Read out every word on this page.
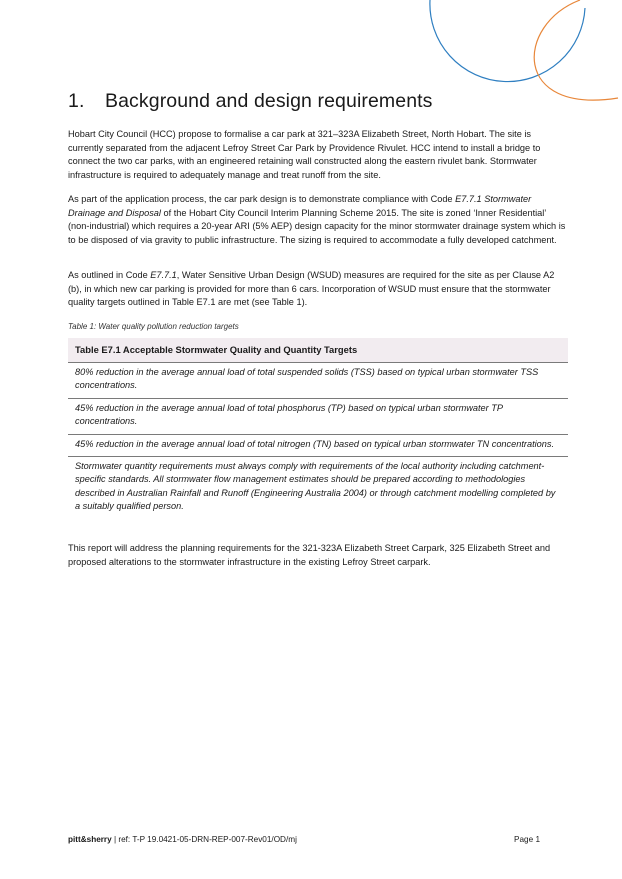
1. Background and design requirements

Hobart City Council (HCC) propose to formalise a car park at 321–323A Elizabeth Street, North Hobart. The site is currently separated from the adjacent Lefroy Street Car Park by Providence Rivulet. HCC intend to install a bridge to connect the two car parks, with an engineered retaining wall constructed along the eastern rivulet bank. Stormwater infrastructure is required to adequately manage and treat runoff from the site.

As part of the application process, the car park design is to demonstrate compliance with Code E7.7.1 Stormwater Drainage and Disposal of the Hobart City Council Interim Planning Scheme 2015. The site is zoned ‘Inner Residential’ (non-industrial) which requires a 20-year ARI (5% AEP) design capacity for the minor stormwater drainage system which is to be disposed of via gravity to public infrastructure. The sizing is required to accommodate a fully developed catchment.

As outlined in Code E7.7.1, Water Sensitive Urban Design (WSUD) measures are required for the site as per Clause A2 (b), in which new car parking is provided for more than 6 cars. Incorporation of WSUD must ensure that the stormwater quality targets outlined in Table E7.1 are met (see Table 1).

Table 1: Water quality pollution reduction targets

Table E7.1 Acceptable Stormwater Quality and Quantity Targets
80% reduction in the average annual load of total suspended solids (TSS) based on typical urban stormwater TSS concentrations.
45% reduction in the average annual load of total phosphorus (TP) based on typical urban stormwater TP concentrations.
45% reduction in the average annual load of total nitrogen (TN) based on typical urban stormwater TN concentrations.
Stormwater quantity requirements must always comply with requirements of the local authority including catchment-specific standards. All stormwater flow management estimates should be prepared according to methodologies described in Australian Rainfall and Runoff (Engineering Australia 2004) or through catchment modelling completed by a suitably qualified person.

This report will address the planning requirements for the 321-323A Elizabeth Street Carpark, 325 Elizabeth Street and proposed alterations to the stormwater infrastructure in the existing Lefroy Street carpark.

pitt&sherry | ref: T-P 19.0421-05-DRN-REP-007-Rev01/OD/mj	Page 1
